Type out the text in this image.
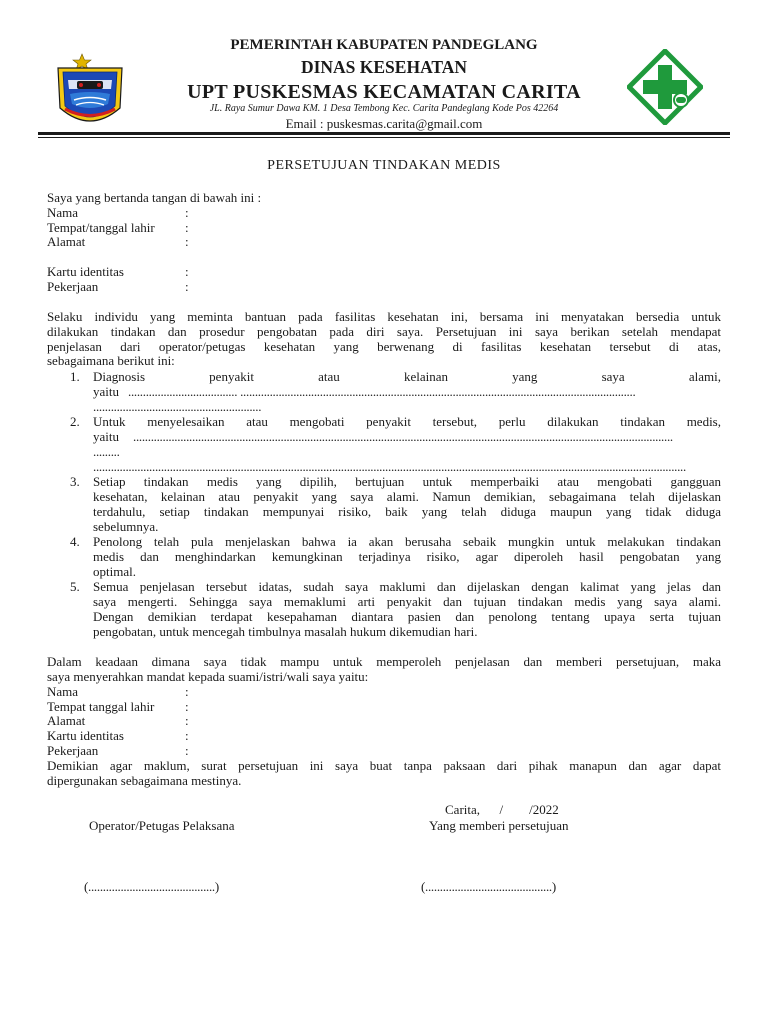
PEMERINTAH KABUPATEN PANDEGLANG
DINAS KESEHATAN
UPT PUSKESMAS KECAMATAN CARITA
JL. Raya Sumur Dawa KM. 1 Desa Tembong Kec. Carita Pandeglang Kode Pos 42264
Email : puskesmas.carita@gmail.com
PERSETUJUAN TINDAKAN MEDIS
Saya yang bertanda tangan di bawah ini :
Nama	:
Tempat/tanggal lahir :
Alamat	:
Kartu identitas	:
Pekerjaan	:
Selaku individu yang meminta bantuan pada fasilitas kesehatan ini, bersama ini menyatakan bersedia untuk
dilakukan tindakan dan prosedur pengobatan pada diri saya. Persetujuan ini saya berikan setelah mendapat
penjelasan dari operator/petugas kesehatan yang berwenang di fasilitas kesehatan tersebut di atas,
sebagaimana berikut ini:
1. Diagnosis penyakit atau kelainan yang saya alami,
yaitu ..................................... ......................................................................................................................................
.........................................................
2. Untuk menyelesaikan atau mengobati penyakit tersebut, perlu dilakukan tindakan medis,
yaitu .......................................................................................................................................................................................
.........
.........................................................................................................................................................................................................
3. Setiap tindakan medis yang dipilih, bertujuan untuk memperbaiki atau mengobati gangguan
kesehatan, kelainan atau penyakit yang saya alami. Namun demikian, sebagaimana telah dijelaskan
terdahulu, setiap tindakan mempunyai risiko, baik yang telah diduga maupun yang tidak diduga
sebelumnya.
4. Penolong telah pula menjelaskan bahwa ia akan berusaha sebaik mungkin untuk melakukan tindakan
medis dan menghindarkan kemungkinan terjadinya risiko, agar diperoleh hasil pengobatan yang
optimal.
5. Semua penjelasan tersebut idatas, sudah saya maklumi dan dijelaskan dengan kalimat yang jelas dan
saya mengerti. Sehingga saya memaklumi arti penyakit dan tujuan tindakan medis yang saya alami.
Dengan demikian terdapat kesepahaman diantara pasien dan penolong tentang upaya serta tujuan
pengobatan, untuk mencegah timbulnya masalah hukum dikemudian hari.
Dalam keadaan dimana saya tidak mampu untuk memperoleh penjelasan dan memberi persetujuan, maka
saya menyerahkan mandat kepada suami/istri/wali saya yaitu:
Nama	:
Tempat tanggal lahir :
Alamat	:
Kartu identitas	:
Pekerjaan	:
Demikian agar maklum, surat persetujuan ini saya buat tanpa paksaan dari pihak manapun dan agar dapat
dipergunakan sebagaimana mestinya.
Carita,      /        /2022
Operator/Petugas Pelaksana	Yang memberi persetujuan
(...........................................)	(...........................................)
